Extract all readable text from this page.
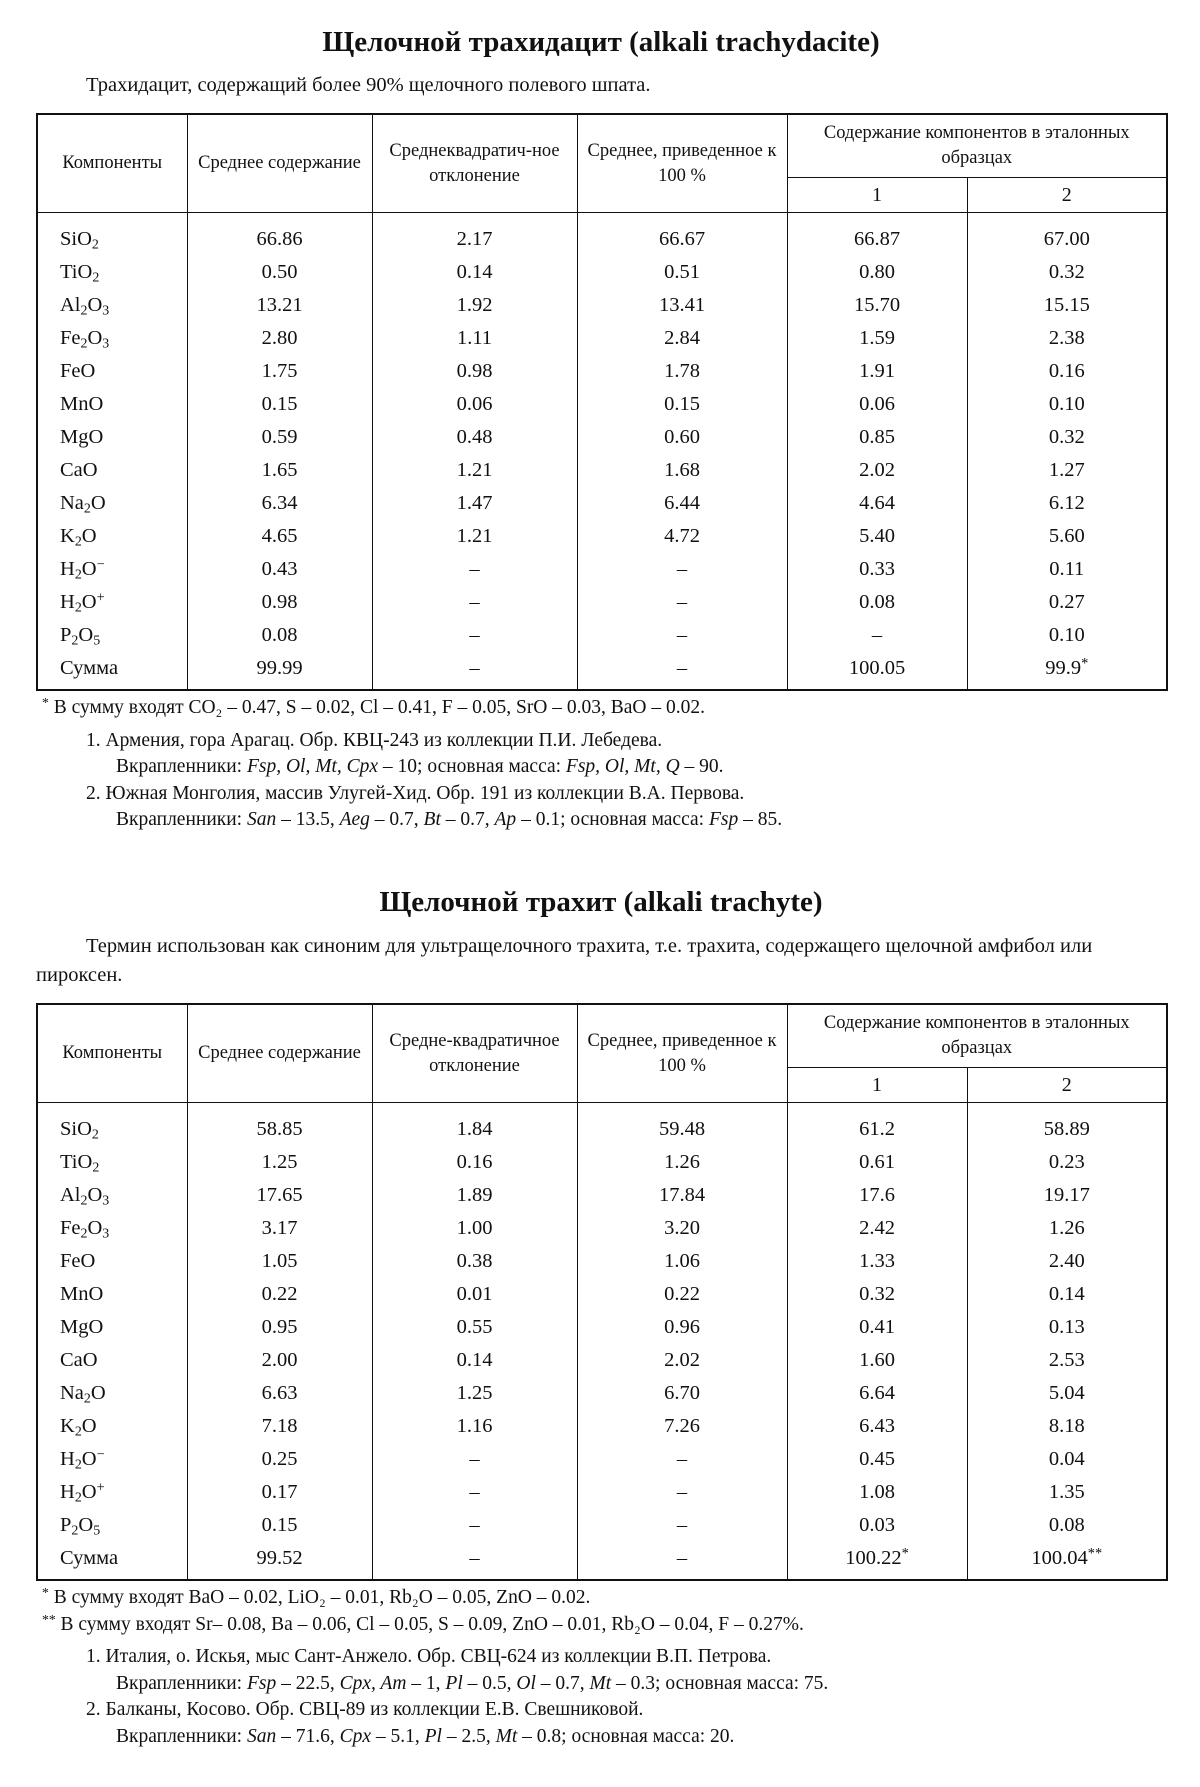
Щелочной трахидацит (alkali trachydacite)

Трахидацит, содержащий более 90% щелочного полевого шпата.

Компоненты	Среднее содержание	Среднеквадратич-ное отклонение	Среднее, приведенное к 100 %	Содержание компонентов в эталонных образцах	
				1	2
SiO$_2$	66.86	2.17	66.67	66.87	67.00
TiO$_2$	0.50	0.14	0.51	0.80	0.32
$Al_2O_3$	13.21	1.92	13.41	15.70	15.15
$Fe_2O_3$	2.80	1.11	2.84	1.59	2.38
FeO	1.75	0.98	1.78	1.91	0.16
MnO	0.15	0.06	0.15	0.06	0.10
MgO	0.59	0.48	0.60	0.85	0.32
CaO	1.65	1.21	1.68	2.02	1.27
$Na_2O$	6.34	1.47	6.44	4.64	6.12
$K_2O$	4.65	1.21	4.72	5.40	5.60
$H_2O^-$	0.43	–	–	0.33	0.11
$H_2O^+$	0.98	–	–	0.08	0.27
$P_2O_5$	0.08	–	–	–	0.10
Сумма	99.99	–	–	100.05	99.9*

* В сумму входят CO₂ – 0.47, S – 0.02, Cl – 0.41, F – 0.05, SrO – 0.03, BaO – 0.02.

1. Армения, гора Арагац. Обр. КВЦ-243 из коллекции П.И. Лебедева.

Вкрапленники: Fsp, Ol, Mt, Cpx – 10; основная масса: Fsp, Ol, Mt, Q – 90.

2. Южная Монголия, массив Улугей-Хид. Обр. 191 из коллекции В.А. Первова.

Вкрапленники: San – 13.5, Aeg – 0.7, Bt – 0.7, Ap – 0.1; основная масса: Fsp – 85.

Щелочной трахит (alkali trachyte)

Термин использован как синоним для ультращелочного трахита, т.е. трахита, содержащего щелочной амфибол или пироксен.

Компоненты	Среднее содержание	Средне-квадратичное отклонение	Среднее, приведенное к 100 %	Содержание компонентов в эталонных образцах	
				1	2
SiO$_2$	58.85	1.84	59.48	61.2	58.89
TiO$_2$	1.25	0.16	1.26	0.61	0.23
$Al_2O_3$	17.65	1.89	17.84	17.6	19.17
$Fe_2O_3$	3.17	1.00	3.20	2.42	1.26
FeO	1.05	0.38	1.06	1.33	2.40
MnO	0.22	0.01	0.22	0.32	0.14
MgO	0.95	0.55	0.96	0.41	0.13
CaO	2.00	0.14	2.02	1.60	2.53
$Na_2O$	6.63	1.25	6.70	6.64	5.04
$K_2O$	7.18	1.16	7.26	6.43	8.18
$H_2O^-$	0.25	–	–	0.45	0.04
$H_2O^+$	0.17	–	–	1.08	1.35
$P_2O_5$	0.15	–	–	0.03	0.08
Сумма	99.52	–	–	100.22*	100.04**

* В сумму входят BaO – 0.02, LiO₂ – 0.01, Rb₂O – 0.05, ZnO – 0.02.

** В сумму входят Sr– 0.08, Ba – 0.06, Cl – 0.05, S – 0.09, ZnO – 0.01, Rb₂O – 0.04, F – 0.27%.

1. Италия, о. Искья, мыс Сант-Анжело. Обр. СВЦ-624 из коллекции В.П. Петрова.

Вкрапленники: Fsp – 22.5, Cpx, Am – 1, Pl – 0.5, Ol – 0.7, Mt – 0.3; основная масса: 75.

2. Балканы, Косово. Обр. СВЦ-89 из коллекции Е.В. Свешниковой.

Вкрапленники: San – 71.6, Cpx – 5.1, Pl – 2.5, Mt – 0.8; основная масса: 20.
